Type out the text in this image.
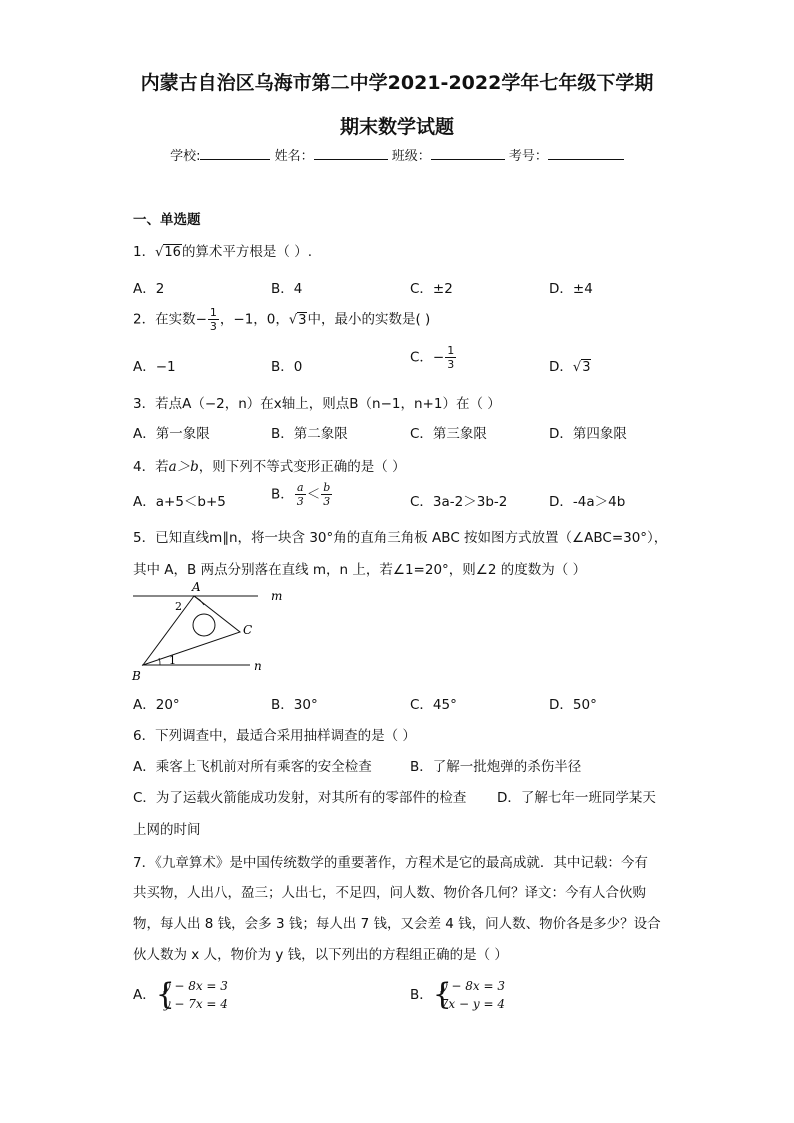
内蒙古自治区乌海市第二中学2021-2022学年七年级下学期
期末数学试题
学校:	姓名：	班级：	考号：
一、单选题
1．√16的算术平方根是（ ）.
A．2	B．4	C．±2	D．±4
2．在实数− $\frac{1}{3}$ ，−1，0，√3中，最小的实数是( )
A．−1	B．0
C．− $\frac{1}{3}$	D．√3
3．若点A（−2，n）在x轴上，则点B（n−1，n+1）在（ ）
A．第一象限	B．第二象限	C．第三象限	D．第四象限
4．若a＞b，则下列不等式变形正确的是（ ）
A．a+5＜b+5	B． $\frac{a}{3} < \frac{b}{3}$	C．3a-2＞3b-2	D．-4a＞4b
5．已知直线m∥n，将一块含 30°角的直角三角板 ABC 按如图方式放置（∠ABC=30°），
其中 A，B 两点分别落在直线 m，n 上，若∠1=20°，则∠2 的度数为（ ）
A
B
C
m
n
1
2
A．20°	B．30°	C．45°	D．50°
6．下列调查中，最适合采用抽样调查的是（ ）
A．乘客上飞机前对所有乘客的安全检查	B．了解一批炮弹的杀伤半径
C．为了运载火箭能成功发射，对其所有的零部件的检查 D．了解七年一班同学某天
上网的时间
7．《九章算术》是中国传统数学的重要著作，方程术是它的最高成就．其中记载：今有
共买物，人出八，盈三；人出七，不足四，问人数、物价各几何？译文：今有人合伙购
物，每人出 8 钱，会多 3 钱；每人出 7 钱，又会差 4 钱，问人数、物价各是多少？设合
伙人数为 x 人，物价为 y 钱，以下列出的方程组正确的是（ ）
A． {
y − 8x = 3
y − 7x = 4
B． {
y − 8x = 3
7x − y = 4
